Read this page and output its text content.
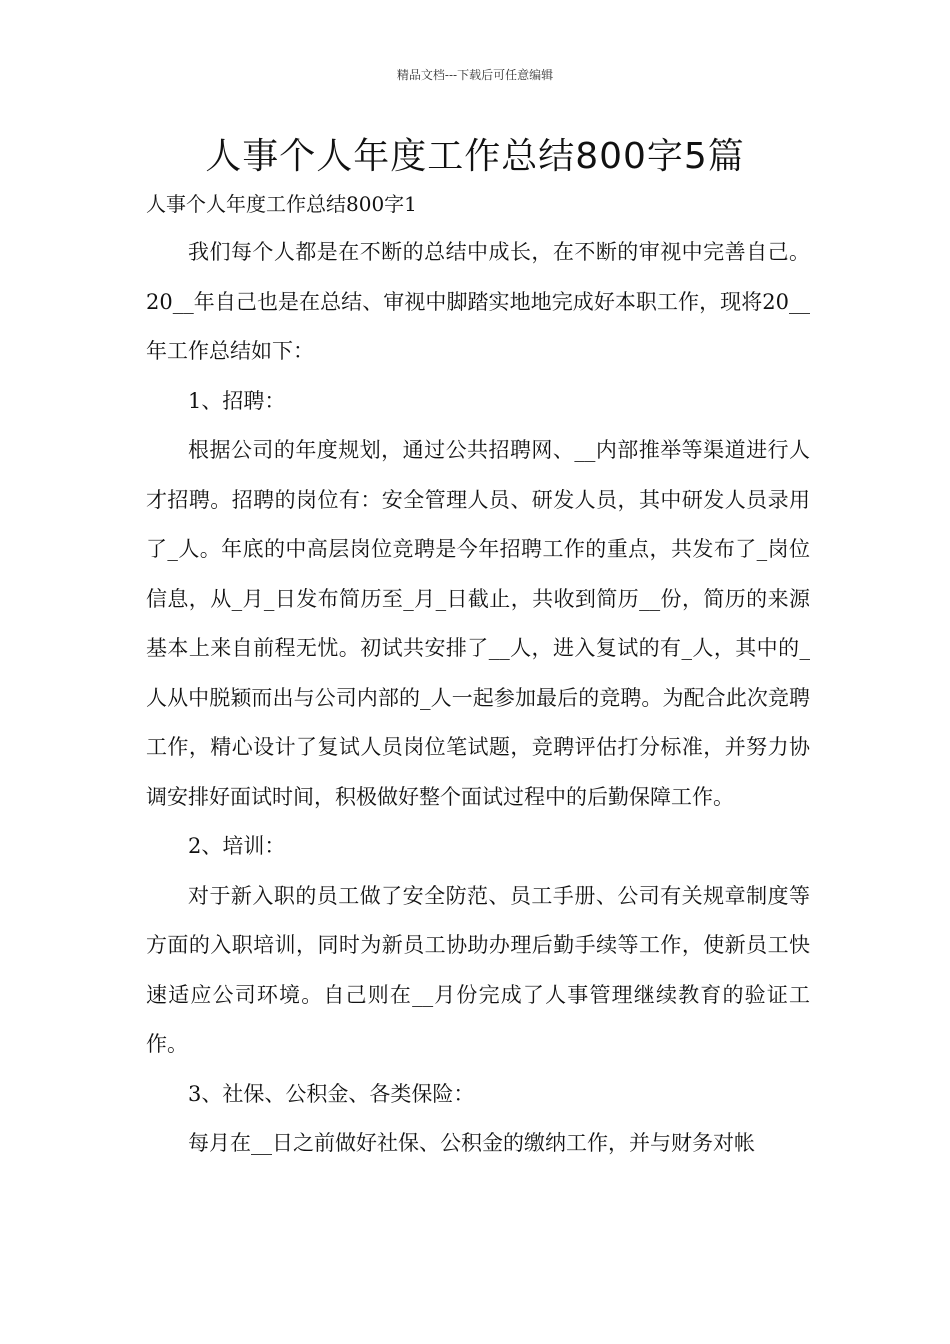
精品文档---下载后可任意编辑
人事个人年度工作总结800字5篇
人事个人年度工作总结800字1

我们每个人都是在不断的总结中成长，在不断的审视中完善自己。20__年自己也是在总结、审视中脚踏实地地完成好本职工作，现将20__年工作总结如下：

1、招聘：

根据公司的年度规划，通过公共招聘网、__内部推举等渠道进行人才招聘。招聘的岗位有：安全管理人员、研发人员，其中研发人员录用了_人。年底的中高层岗位竞聘是今年招聘工作的重点，共发布了_岗位信息，从_月_日发布简历至_月_日截止，共收到简历__份，简历的来源基本上来自前程无忧。初试共安排了__人，进入复试的有_人，其中的_人从中脱颖而出与公司内部的_人一起参加最后的竞聘。为配合此次竞聘工作，精心设计了复试人员岗位笔试题，竞聘评估打分标准，并努力协调安排好面试时间，积极做好整个面试过程中的后勤保障工作。

2、培训：

对于新入职的员工做了安全防范、员工手册、公司有关规章制度等方面的入职培训，同时为新员工协助办理后勤手续等工作，使新员工快速适应公司环境。自己则在__月份完成了人事管理继续教育的验证工作。

3、社保、公积金、各类保险：

每月在__日之前做好社保、公积金的缴纳工作，并与财务对帐
